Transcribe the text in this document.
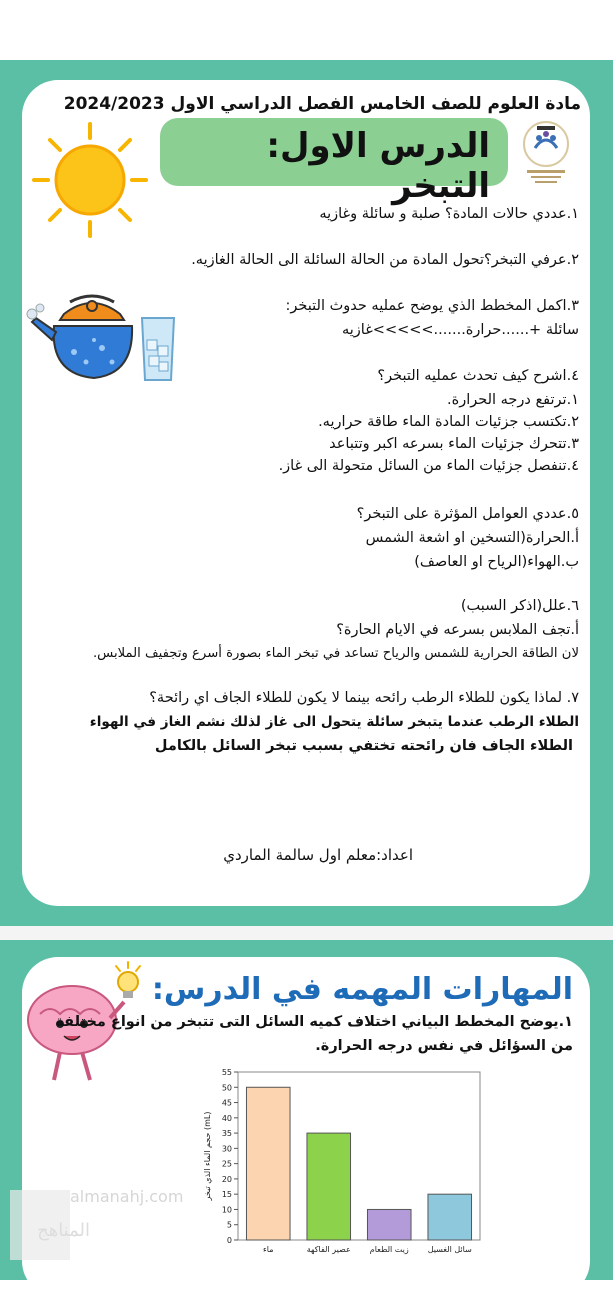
مادة العلوم للصف الخامس الفصل الدراسي الاول 2024/2023
الدرس الاول: التبخر
١.عددي حالات المادة؟ صلبة و سائلة وغازيه
٢.عرفي التبخر؟تحول المادة من الحالة السائلة الى الحالة الغازيه.
٣.اكمل المخطط الذي يوضح عمليه حدوث التبخر:
سائلة +......حرارة.......>>>>>غازيه
٤.اشرح كيف تحدث عمليه التبخر؟
١.ترتفع درجه الحرارة.
٢.تكتسب جزئيات المادة الماء طاقة حراريه.
٣.تتحرك جزئيات الماء بسرعه اكبر وتتباعد
٤.تنفصل جزئيات الماء من السائل متحولة الى غاز.
٥.عددي العوامل المؤثرة على التبخر؟
أ.الحرارة(التسخين او اشعة الشمس
ب.الهواء(الرياح او العاصف)
٦.علل(اذكر السبب)
أ.تجف الملابس بسرعه في الايام الحارة؟
لان الطاقة الحرارية للشمس والرياح تساعد في تبخر الماء بصورة أسرع وتجفيف الملابس.
٧. لماذا يكون للطلاء الرطب رائحه بينما لا يكون للطلاء الجاف اي رائحة؟
الطلاء الرطب عندما يتبخر سائلة يتحول الى غاز لذلك نشم الغاز في الهواء
الطلاء الجاف فان رائحته تختفي بسبب تبخر السائل بالكامل
اعداد:معلم اول سالمة الماردي
المهارات المهمه في الدرس:
١.يوضح المخطط البياني اختلاف كميه السائل التى تتبخر من انواع مختلفة
من السؤائل في نفس درجه الحرارة.
0
5
10
15
20
25
30
35
40
45
50
55
حجم الماء الذي تبخر (mL)
ماء	عصير الفاكهة زيت الطعام سائل الغسيل
almanahj.com
المناهج
